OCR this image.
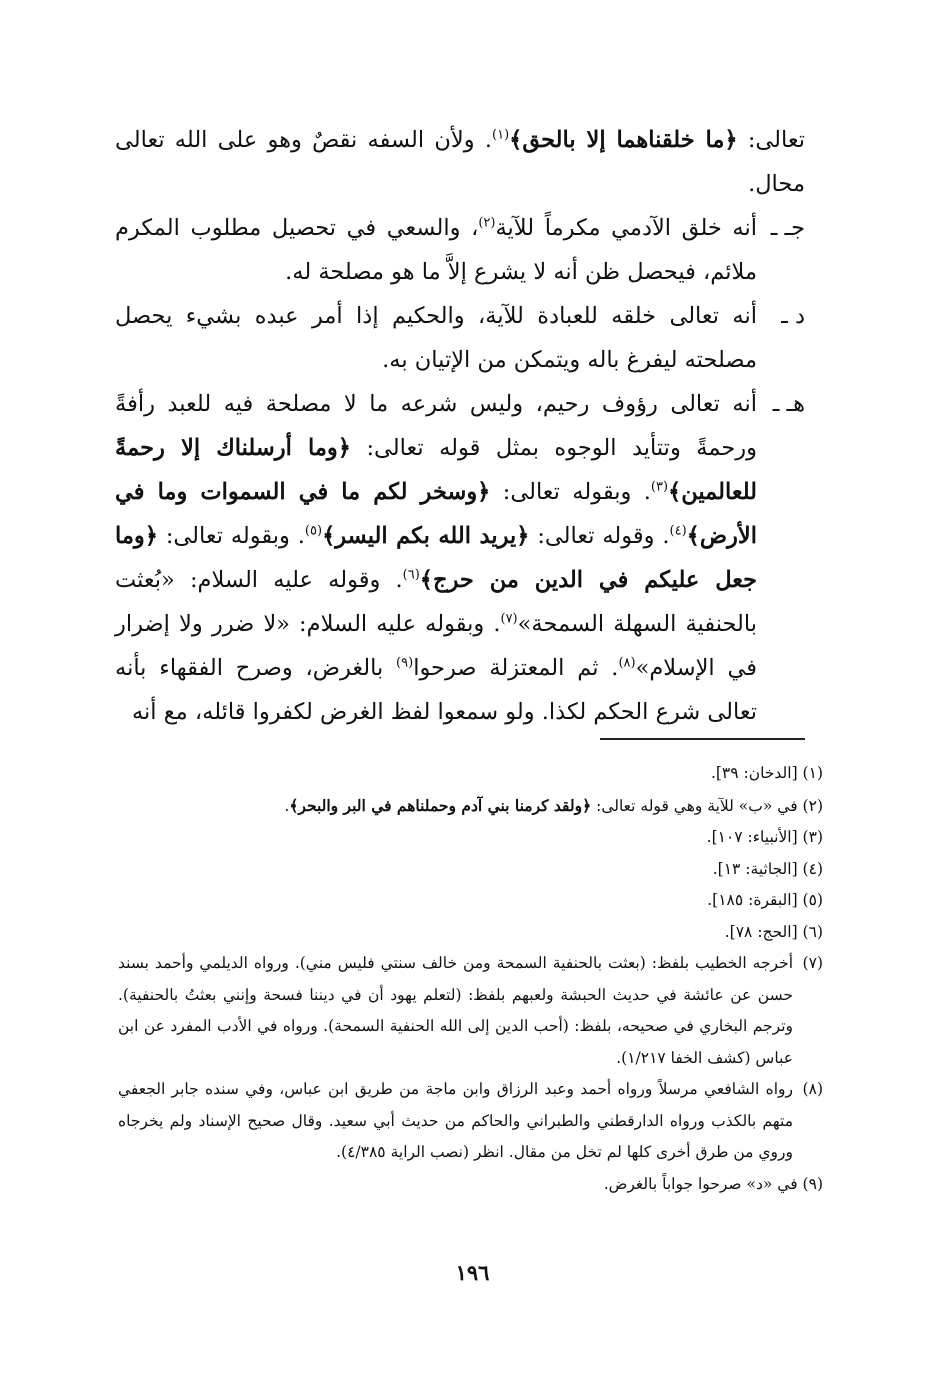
تعالى: ﴿ما خلقناهما إلا بالحق﴾$^{(١)}$. ولأن السفه نقصٌ وهو على الله تعالى محال.

جـ ـ
أنه خلق الآدمي مكرماً للآية$^{(٢)}$، والسعي في تحصيل مطلوب المكرم ملائم، فيحصل ظن أنه لا يشرع إلاَّ ما هو مصلحة له.
د ـ
أنه تعالى خلقه للعبادة للآية، والحكيم إذا أمر عبده بشيء يحصل مصلحته ليفرغ باله ويتمكن من الإتيان به.
هـ ـ
أنه تعالى رؤوف رحيم، وليس شرعه ما لا مصلحة فيه للعبد رأفةً ورحمةً وتتأيد الوجوه بمثل قوله تعالى: ﴿وما أرسلناك إلا رحمةً للعالمين﴾$^{(٣)}$. وبقوله تعالى: ﴿وسخر لكم ما في السموات وما في الأرض﴾$^{(٤)}$. وقوله تعالى: ﴿يريد الله بكم اليسر﴾$^{(٥)}$. وبقوله تعالى: ﴿وما جعل عليكم في الدين من حرج﴾$^{(٦)}$. وقوله عليه السلام: «بُعثت بالحنفية السهلة السمحة»$^{(٧)}$. وبقوله عليه السلام: «لا ضرر ولا إضرار في الإسلام»$^{(٨)}$. ثم المعتزلة صرحوا$^{(٩)}$ بالغرض، وصرح الفقهاء بأنه تعالى شرع الحكم لكذا. ولو سمعوا لفظ الغرض لكفروا قائله، مع أنه

(١) [الدخان: ٣٩].

(٢) في «ب» للآية وهي قوله تعالى: ﴿ولقد كرمنا بني آدم وحملناهم في البر والبحر﴾.

(٣) [الأنبياء: ١٠٧].

(٤) [الجاثية: ١٣].

(٥) [البقرة: ١٨٥].

(٦) [الحج: ٧٨].

(٧)
أخرجه الخطيب بلفظ: (بعثت بالحنفية السمحة ومن خالف سنتي فليس مني). ورواه الديلمي وأحمد بسند حسن عن عائشة في حديث الحبشة ولعبهم بلفظ: (لتعلم يهود أن في ديننا فسحة وإنني بعثتُ بالحنفية). وترجم البخاري في صحيحه، بلفظ: (أحب الدين إلى الله الحنفية السمحة). ورواه في الأدب المفرد عن ابن عباس (كشف الخفا ١/٢١٧).
(٨)
رواه الشافعي مرسلاً ورواه أحمد وعبد الرزاق وابن ماجة من طريق ابن عباس، وفي سنده جابر الجعفي متهم بالكذب ورواه الدارقطني والطبراني والحاكم من حديث أبي سعيد. وقال صحيح الإسناد ولم يخرجاه وروي من طرق أخرى كلها لم تخل من مقال. انظر (نصب الراية ٤/٣٨٥).

(٩) في «د» صرحوا جواباً بالغرض.

١٩٦
